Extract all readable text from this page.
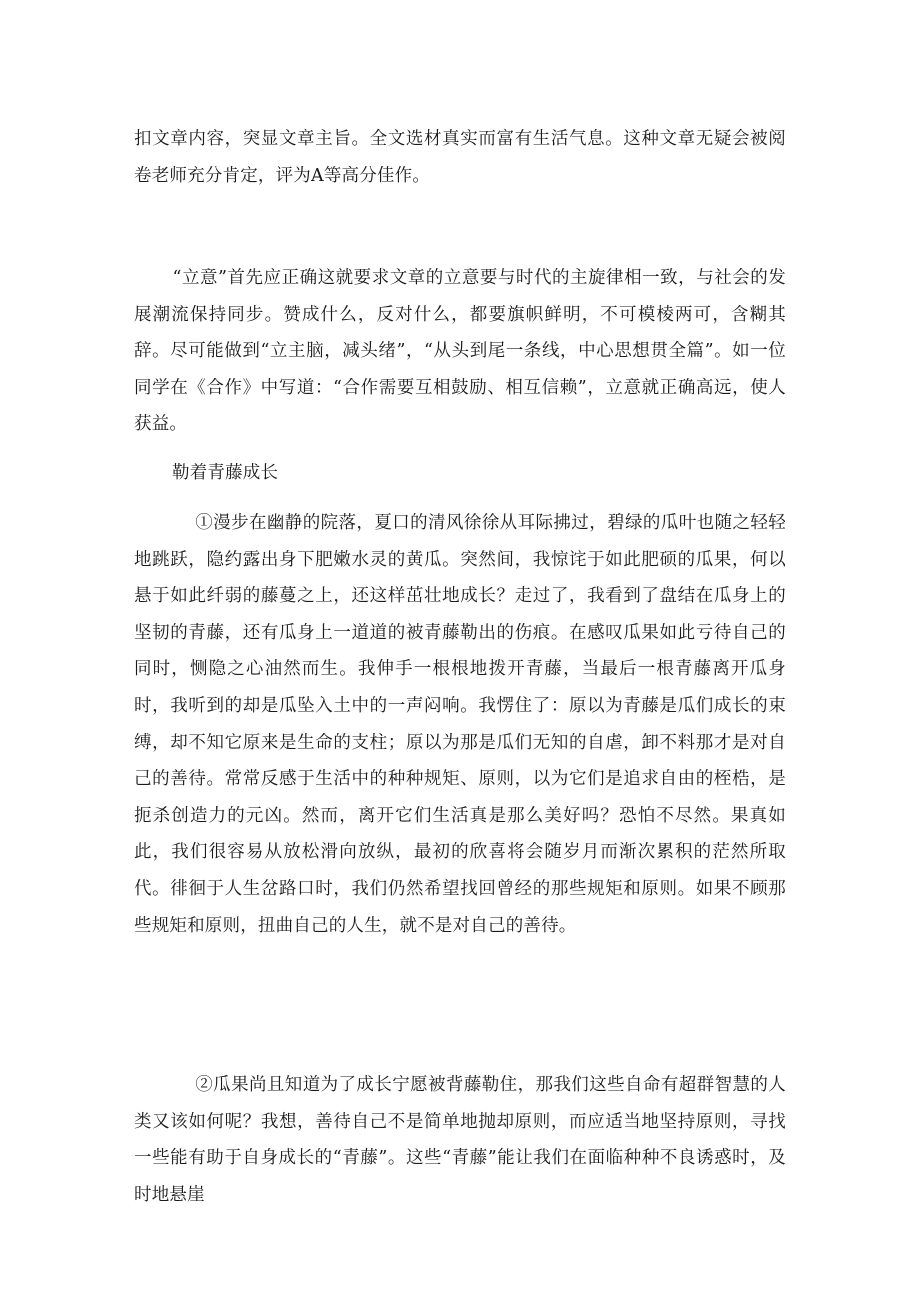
扣文章内容，突显文章主旨。全文选材真实而富有生活气息。这种文章无疑会被阅卷老师充分肯定，评为A等高分佳作。

“立意”首先应正确这就要求文章的立意要与时代的主旋律相一致，与社会的发展潮流保持同步。赞成什么，反对什么，都要旗帜鲜明，不可模棱两可，含糊其辞。尽可能做到“立主脑，减头绪”，“从头到尾一条线，中心思想贯全篇”。如一位同学在《合作》中写道：“合作需要互相鼓励、相互信赖”，立意就正确高远，使人获益。

勒着青藤成长

①漫步在幽静的院落，夏口的清风徐徐从耳际拂过，碧绿的瓜叶也随之轻轻地跳跃，隐约露出身下肥嫩水灵的黄瓜。突然间，我惊诧于如此肥硕的瓜果，何以悬于如此纤弱的藤蔓之上，还这样茁壮地成长？走过了，我看到了盘结在瓜身上的坚韧的青藤，还有瓜身上一道道的被青藤勒出的伤痕。在感叹瓜果如此亏待自己的同时，恻隐之心油然而生。我伸手一根根地拨开青藤，当最后一根青藤离开瓜身时，我听到的却是瓜坠入土中的一声闷响。我愣住了：原以为青藤是瓜们成长的束缚，却不知它原来是生命的支柱；原以为那是瓜们无知的自虐，卸不料那才是对自己的善待。常常反感于生活中的种种规矩、原则，以为它们是追求自由的桎梏，是扼杀创造力的元凶。然而，离开它们生活真是那么美好吗？恐怕不尽然。果真如此，我们很容易从放松滑向放纵，最初的欣喜将会随岁月而渐次累积的茫然所取代。徘徊于人生岔路口时，我们仍然希望找回曾经的那些规矩和原则。如果不顾那些规矩和原则，扭曲自己的人生，就不是对自己的善待。

②瓜果尚且知道为了成长宁愿被背藤勒住，那我们这些自命有超群智慧的人类又该如何呢？我想，善待自己不是简单地抛却原则，而应适当地坚持原则，寻找一些能有助于自身成长的“青藤”。这些“青藤”能让我们在面临种种不良诱惑时，及时地悬崖
